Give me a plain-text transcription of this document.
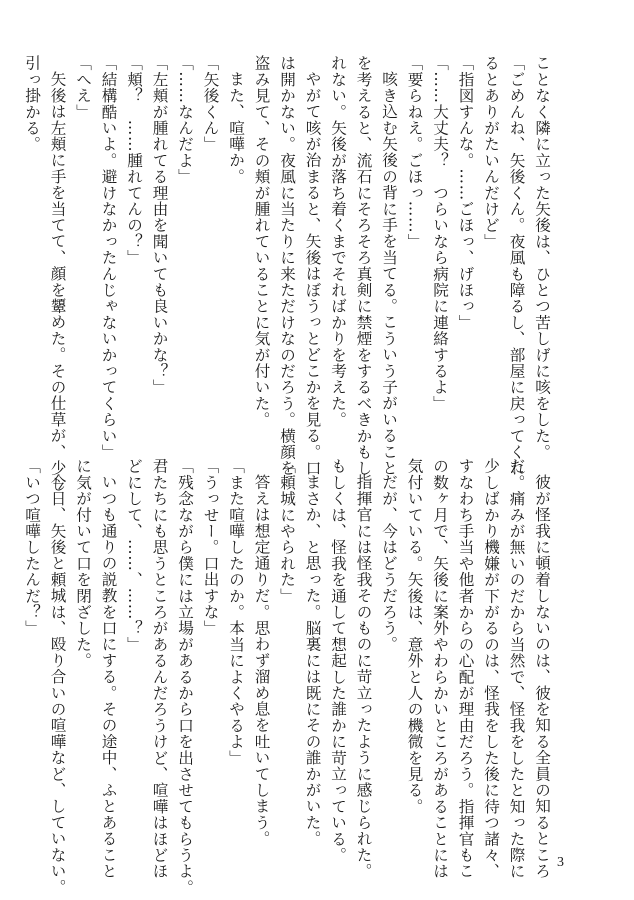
ことなく隣に立った矢後は、ひとつ苦しげに咳をした。
「ごめんね、矢後くん。夜風も障るし、部屋に戻ってくれ
るとありがたいんだけど」
「指図すんな。……ごほっ、げほっ」
「……大丈夫？　つらいなら病院に連絡するよ」
「要らねえ。ごほっ……」
咳き込む矢後の背に手を当てる。こういう子がいること
を考えると、流石にそろそろ真剣に禁煙をするべきかもし
れない。矢後が落ち着くまでそればかりを考えた。
やがて咳が治まると、矢後はぼうっとどこかを見る。口
は開かない。夜風に当たりに来ただけなのだろう。横顔を
盗み見て、その頬が腫れていることに気が付いた。
また、喧嘩か。
「矢後くん」
「……なんだよ」
「左頬が腫れてる理由を聞いても良いかな？」
「頬？　……腫れてんの？」
「結構酷いよ。避けなかったんじゃないかってくらい」
「へえ」
矢後は左頬に手を当てて、顔を顰めた。その仕草が、少し
引っ掛かる。
彼が怪我に頓着しないのは、彼を知る全員の知るところ
だ。痛みが無いのだから当然で、怪我をしたと知った際に
少しばかり機嫌が下がるのは、怪我をした後に待つ諸々、
すなわち手当や他者からの心配が理由だろう。指揮官もこ
の数ヶ月で、矢後に案外やわらかいところがあることには
気付いている。矢後は、意外と人の機微を見る。
だが、今はどうだろう。
指揮官には怪我そのものに苛立ったように感じられた。
もしくは、怪我を通して想起した誰かに苛立っている。
まさか、と思った。脳裏には既にその誰かがいた。
「頼城にやられた」
答えは想定通りだ。思わず溜め息を吐いてしまう。
「また喧嘩したのか。本当によくやるよ」
「うっせー。口出すな」
「残念ながら僕には立場があるから口を出させてもらうよ。
君たちにも思うところがあるんだろうけど、喧嘩はほどほ
どにして、……、……？」
いつも通りの説教を口にする。その途中、ふとあること
に気が付いて口を閉ざした。
今日、矢後と頼城は、殴り合いの喧嘩など、していない。
「いつ喧嘩したんだ？」
3
